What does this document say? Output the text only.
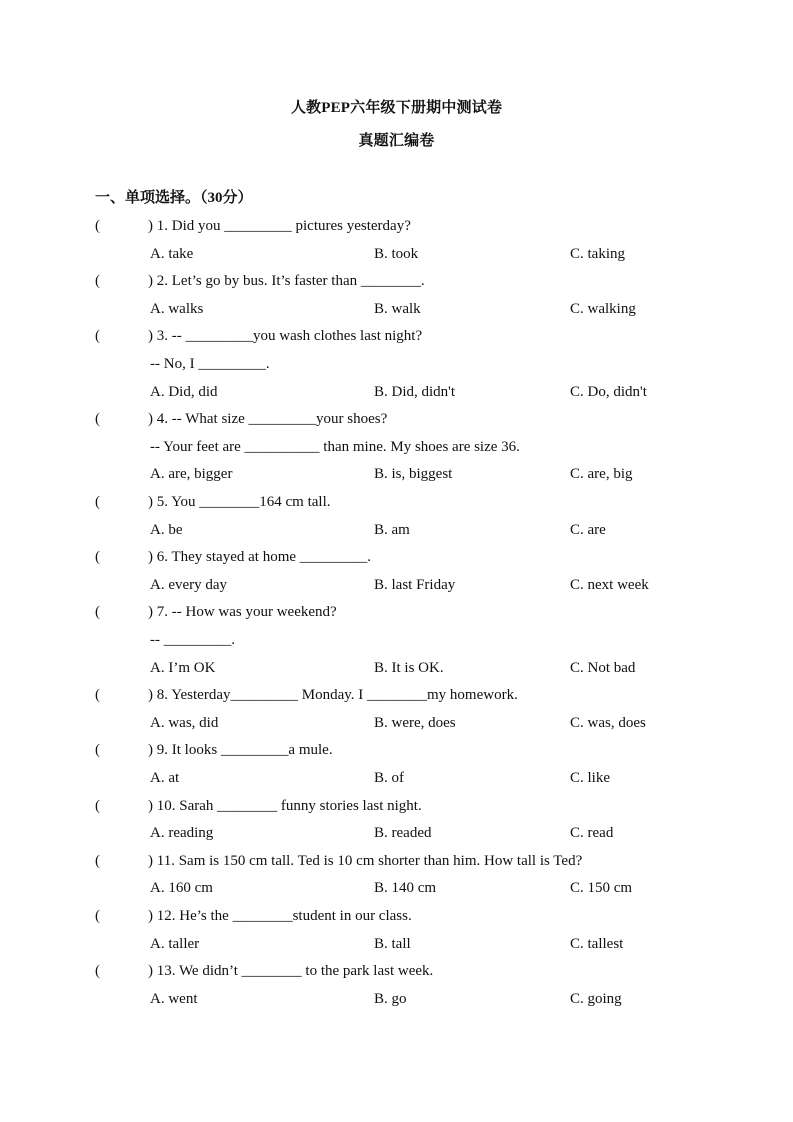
人教PEP六年级下册期中测试卷
真题汇编卷
一、单项选择。（30分）
(	) 1. Did you _________ pictures yesterday?
A. take	B. took	C. taking
(	) 2. Let’s go by bus. It’s faster than ________.
A. walks	B. walk	C. walking
(	) 3. -- _________you wash clothes last night?
-- No, I _________.
A. Did, did	B. Did, didn't	C. Do, didn't
(	) 4. -- What size _________your shoes?
-- Your feet are __________ than mine. My shoes are size 36.
A. are, bigger	B. is, biggest	C. are, big
(	) 5. You ________164 cm tall.
A. be	B. am	C. are
(	) 6. They stayed at home _________.
A. every day	B. last Friday	C. next week
(	) 7. -- How was your weekend?
-- _________.
A. I’m OK	B. It is OK.	C. Not bad
(	) 8. Yesterday_________ Monday. I ________my homework.
A. was, did	B. were, does	C. was, does
(	) 9. It looks _________a mule.
A. at	B. of	C. like
(	) 10. Sarah ________ funny stories last night.
A. reading	B. readed	C. read
(	) 11. Sam is 150 cm tall. Ted is 10 cm shorter than him. How tall is Ted?
A. 160 cm	B. 140 cm	C. 150 cm
(	) 12. He’s the ________student in our class.
A. taller	B. tall	C. tallest
(	) 13. We didn’t ________ to the park last week.
A. went	B. go	C. going
